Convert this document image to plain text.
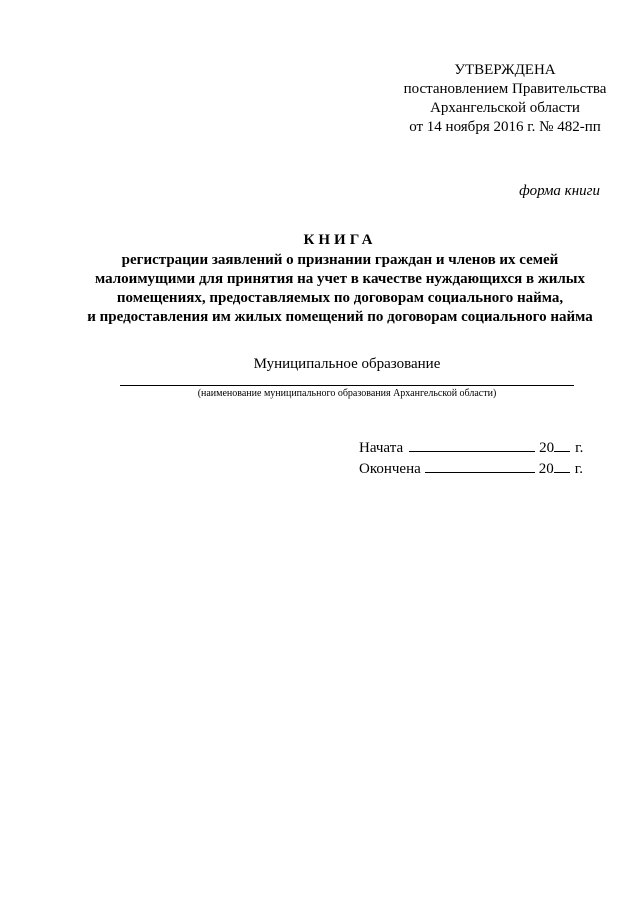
УТВЕРЖДЕНА
постановлением Правительства
Архангельской области
от 14 ноября 2016 г. № 482-пп
форма книги
КНИГА
регистрации заявлений о признании граждан и членов их семей
малоимущими для принятия на учет в качестве нуждающихся в жилых
помещениях, предоставляемых по договорам социального найма,
и предоставления им жилых помещений по договорам социального найма
Муниципальное образование
(наименование муниципального образования Архангельской области)
Начата	20 г.
Окончена	20 г.
